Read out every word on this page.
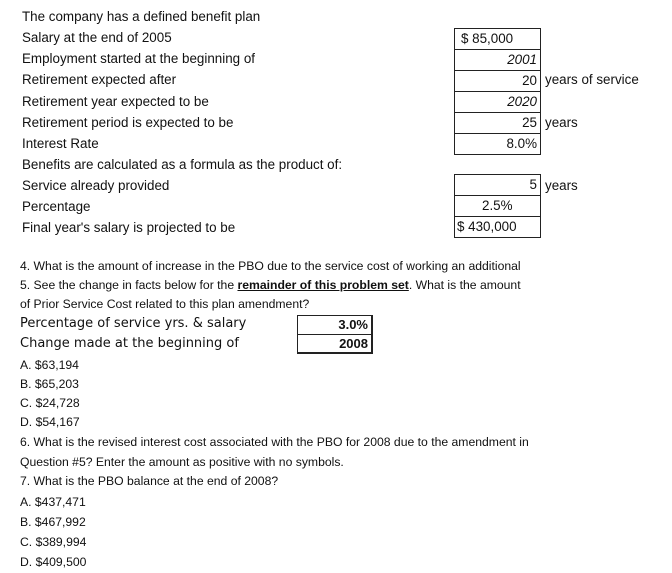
The company has a defined benefit plan
Salary at the end of 2005
Employment started at the beginning of
Retirement expected after
Retirement year expected to be
Retirement period is expected to be
Interest Rate
$ 85,000
2001
20
2020
25
8.0%
years of service
years
Benefits are calculated as a formula as the product of:
Service already provided
Percentage
Final year's salary is projected to be
5
2.5%
$ 430,000
years
4. What is the amount of increase in the PBO due to the service cost of working an additional
5. See the change in facts below for the remainder of this problem set. What is the amount
of Prior Service Cost related to this plan amendment?
Percentage of service yrs. & salary
Change made at the beginning of
3.0%
2008
A. $63,194
B. $65,203
C. $24,728
D. $54,167
6. What is the revised interest cost associated with the PBO for 2008 due to the amendment in
Question #5? Enter the amount as positive with no symbols.
7. What is the PBO balance at the end of 2008?
A. $437,471
B. $467,992
C. $389,994
D. $409,500
